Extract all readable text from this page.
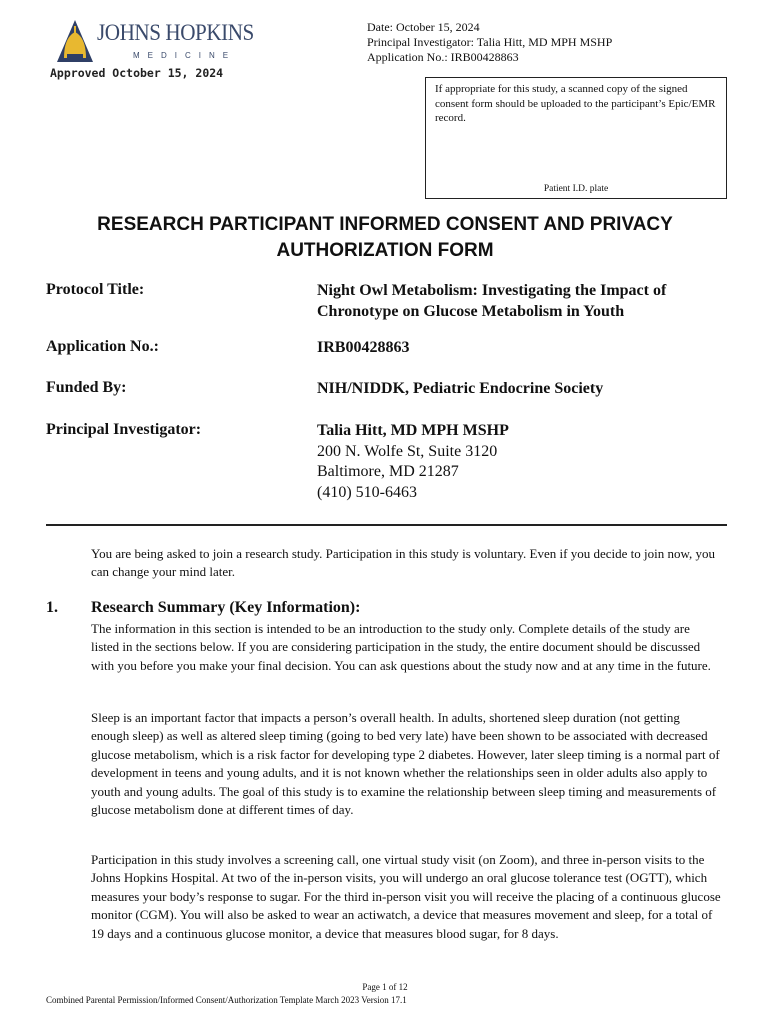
JOHNS HOPKINS
MEDICINE
Approved October 15, 2024
Date: October 15, 2024
Principal Investigator: Talia Hitt, MD MPH MSHP
Application No.: IRB00428863
If appropriate for this study, a scanned copy of the signed consent form should be uploaded to the participant’s Epic/EMR record.
Patient I.D. plate
RESEARCH PARTICIPANT INFORMED CONSENT AND PRIVACY
AUTHORIZATION FORM
Protocol Title:	Night Owl Metabolism: Investigating the Impact of
Chronotype on Glucose Metabolism in Youth
Application No.:	IRB00428863
Funded By:	NIH/NIDDK, Pediatric Endocrine Society
Principal Investigator:	Talia Hitt, MD MPH MSHP
200 N. Wolfe St, Suite 3120
Baltimore, MD 21287
(410) 510-6463
You are being asked to join a research study. Participation in this study is voluntary. Even if you decide to join now, you can change your mind later.
1. Research Summary (Key Information):
The information in this section is intended to be an introduction to the study only. Complete details of the study are listed in the sections below. If you are considering participation in the study, the entire document should be discussed with you before you make your final decision. You can ask questions about the study now and at any time in the future.
Sleep is an important factor that impacts a person’s overall health. In adults, shortened sleep duration (not getting enough sleep) as well as altered sleep timing (going to bed very late) have been shown to be associated with decreased glucose metabolism, which is a risk factor for developing type 2 diabetes. However, later sleep timing is a normal part of development in teens and young adults, and it is not known whether the relationships seen in older adults also apply to youth and young adults. The goal of this study is to examine the relationship between sleep timing and measurements of glucose metabolism done at different times of day.
Participation in this study involves a screening call, one virtual study visit (on Zoom), and three in-person visits to the Johns Hopkins Hospital. At two of the in-person visits, you will undergo an oral glucose tolerance test (OGTT), which measures your body’s response to sugar. For the third in-person visit you will receive the placing of a continuous glucose monitor (CGM). You will also be asked to wear an actiwatch, a device that measures movement and sleep, for a total of 19 days and a continuous glucose monitor, a device that measures blood sugar, for 8 days.
Page 1 of 12
Combined Parental Permission/Informed Consent/Authorization Template March 2023 Version 17.1
